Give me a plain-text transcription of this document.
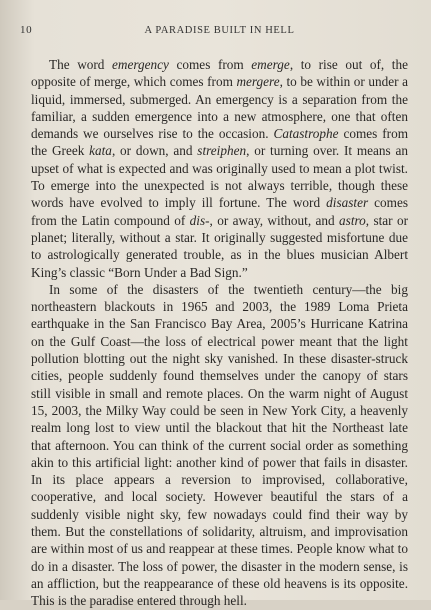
10	A PARADISE BUILT IN HELL

The word emergency comes from emerge, to rise out of, the opposite of merge, which comes from mergere, to be within or under a liquid, immersed, submerged. An emergency is a separation from the familiar, a sudden emergence into a new atmosphere, one that often demands we ourselves rise to the occasion. Catastrophe comes from the Greek kata, or down, and streiphen, or turning over. It means an upset of what is expected and was originally used to mean a plot twist. To emerge into the unexpected is not always terrible, though these words have evolved to imply ill fortune. The word disaster comes from the Latin compound of dis-, or away, without, and astro, star or planet; literally, without a star. It originally suggested misfortune due to astrologically generated trouble, as in the blues musician Albert King’s classic “Born Under a Bad Sign.”

In some of the disasters of the twentieth century—the big northeastern blackouts in 1965 and 2003, the 1989 Loma Prieta earthquake in the San Francisco Bay Area, 2005’s Hurricane Katrina on the Gulf Coast—the loss of electrical power meant that the light pollution blotting out the night sky vanished. In these disaster-struck cities, people suddenly found themselves under the canopy of stars still visible in small and remote places. On the warm night of August 15, 2003, the Milky Way could be seen in New York City, a heavenly realm long lost to view until the blackout that hit the Northeast late that afternoon. You can think of the current social order as something akin to this artificial light: another kind of power that fails in disaster. In its place appears a reversion to improvised, collaborative, cooperative, and local society. However beautiful the stars of a suddenly visible night sky, few nowadays could find their way by them. But the constellations of solidarity, altruism, and improvisation are within most of us and reappear at these times. People know what to do in a disaster. The loss of power, the disaster in the modern sense, is an affliction, but the reappearance of these old heavens is its opposite. This is the paradise entered through hell.
